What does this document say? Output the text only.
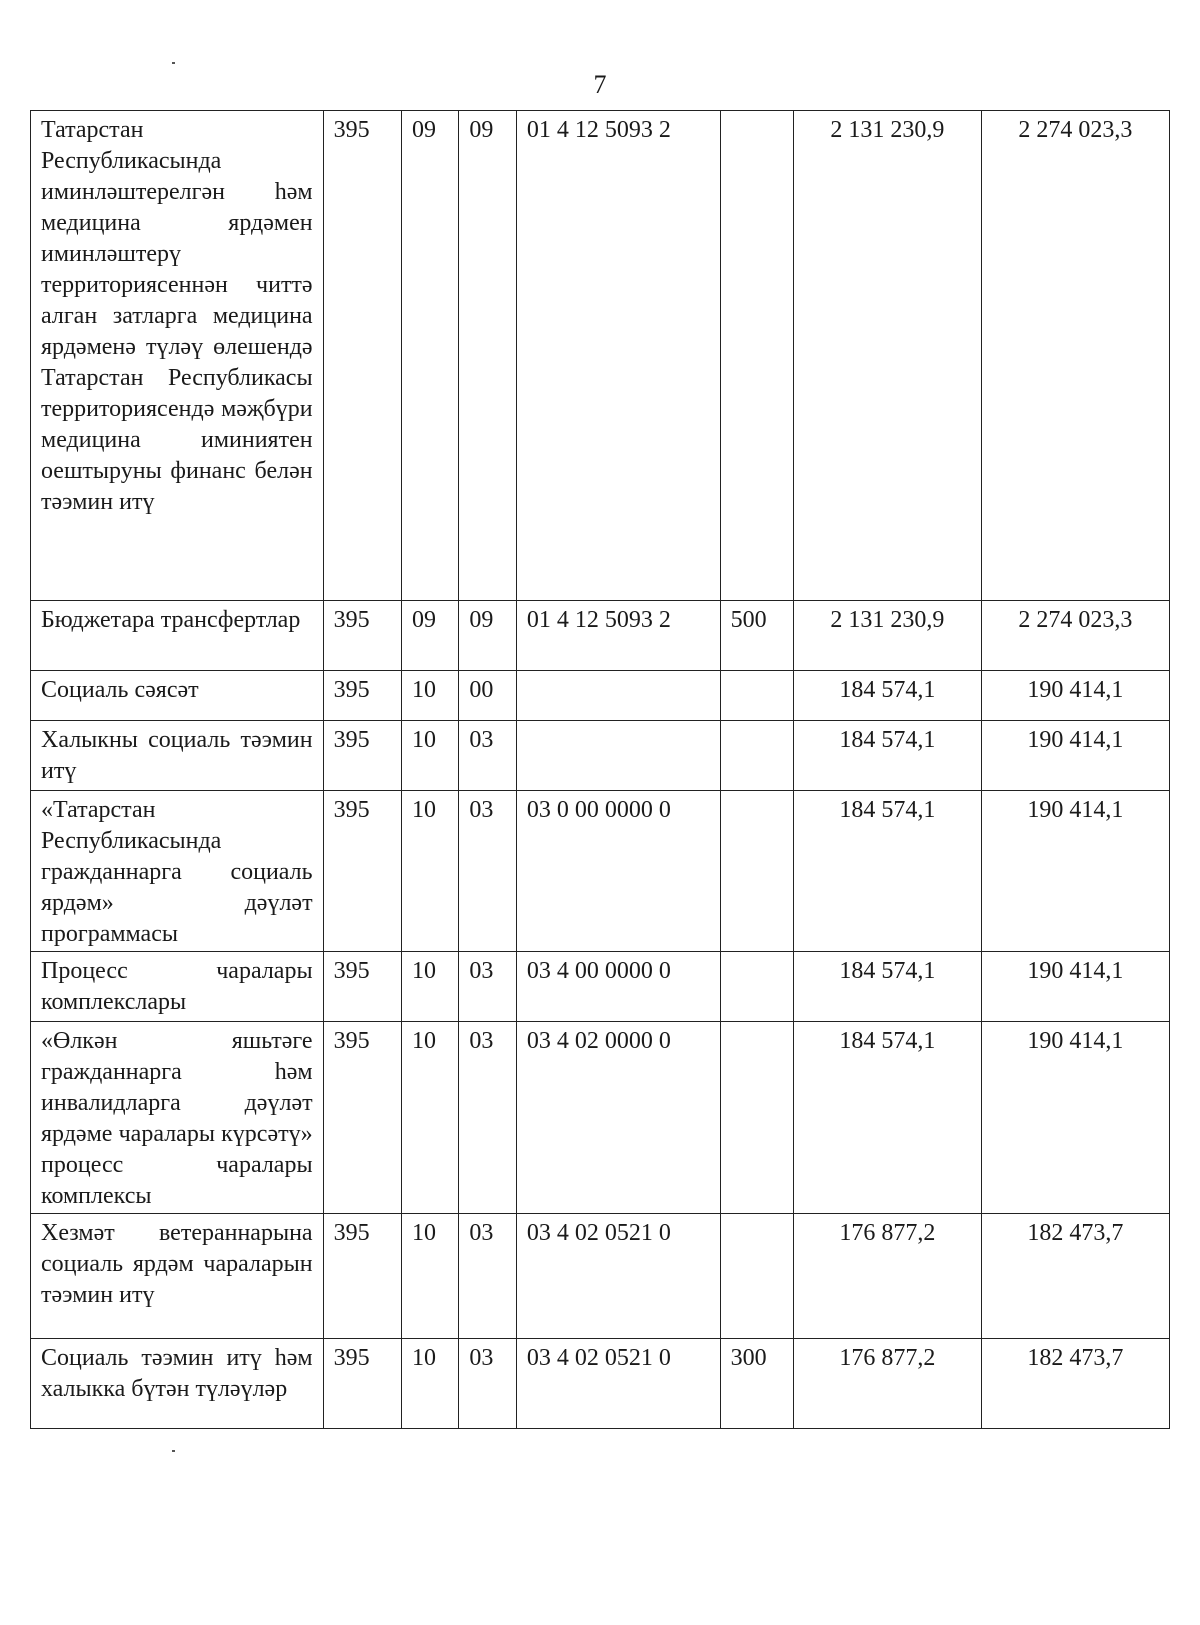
7
Татарстан Республикасында иминләштерелгән һәм медицина ярдәмен иминләштерү территориясеннән читтә алган затларга медицина ярдәменә түләү өлешендә Татарстан Республикасы территориясендә мәҗбүри медицина иминиятен оештыруны финанс белән тәэмин итү	395	09	09	01 4 12 5093 2		2 131 230,9	2 274 023,3
Бюджетара трансфертлар	395	09	09	01 4 12 5093 2	500	2 131 230,9	2 274 023,3
Социаль сәясәт	395	10	00			184 574,1	190 414,1
Халыкны социаль тәэмин итү	395	10	03			184 574,1	190 414,1
«Татарстан Республикасында гражданнарга социаль ярдәм» дәүләт программасы	395	10	03	03 0 00 0000 0		184 574,1	190 414,1
Процесс чаралары комплекслары	395	10	03	03 4 00 0000 0		184 574,1	190 414,1
«Өлкән яшьтәге гражданнарга һәм инвалидларга дәүләт ярдәме чаралары күрсәтү» процесс чаралары комплексы	395	10	03	03 4 02 0000 0		184 574,1	190 414,1
Хезмәт ветераннарына социаль ярдәм чараларын тәэмин итү	395	10	03	03 4 02 0521 0		176 877,2	182 473,7
Социаль тәэмин итү һәм халыкка бүтән түләүләр	395	10	03	03 4 02 0521 0	300	176 877,2	182 473,7
